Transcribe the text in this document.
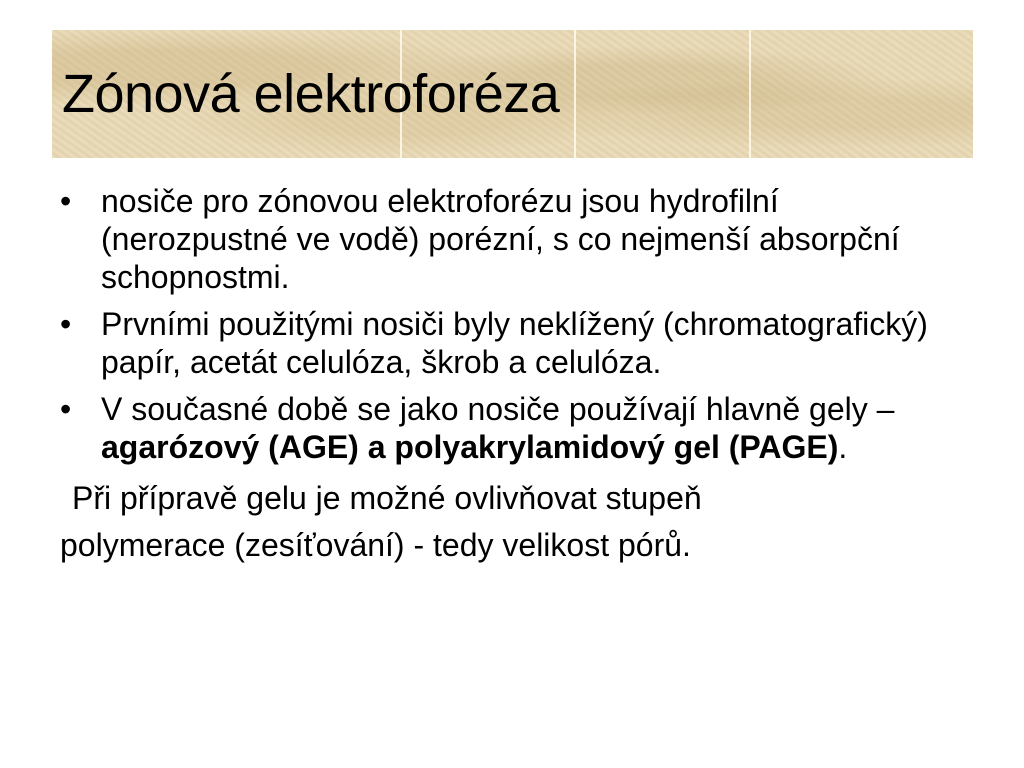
Zónová elektroforéza

• nosiče pro zónovou elektroforézu jsou hydrofilní (nerozpustné ve vodě) porézní, s co nejmenší absorpční schopnostmi.

• Prvními použitými nosiči byly neklížený (chromatografický) papír, acetát celulóza, škrob a celulóza.

• V současné době se jako nosiče používají hlavně gely –  agarózový (AGE) a polyakrylamidový gel (PAGE).

Při přípravě gelu je možné ovlivňovat stupeň

polymerace (zesíťování) - tedy velikost pórů.
